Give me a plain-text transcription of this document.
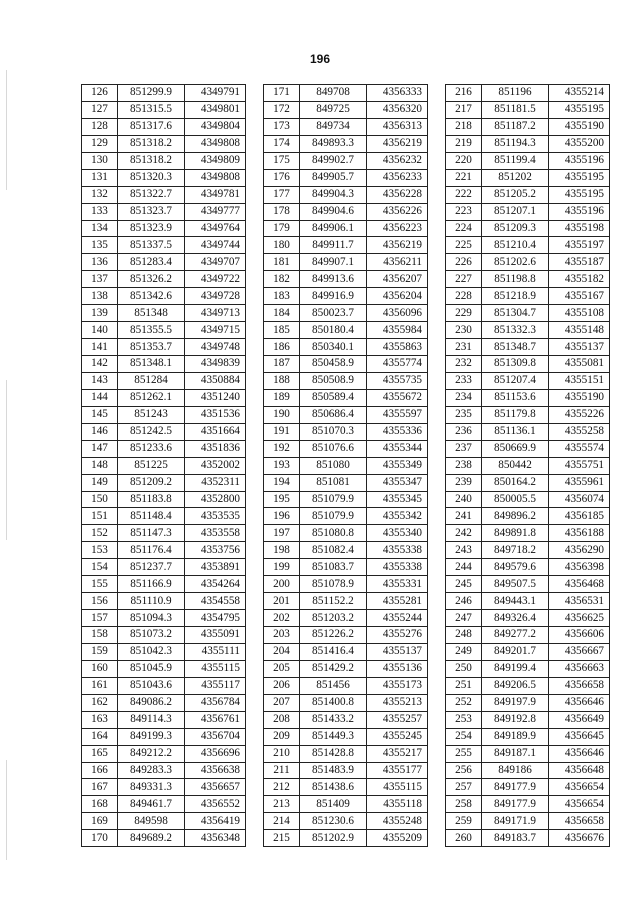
196
126	851299.9	4349791
127	851315.5	4349801
128	851317.6	4349804
129	851318.2	4349808
130	851318.2	4349809
131	851320.3	4349808
132	851322.7	4349781
133	851323.7	4349777
134	851323.9	4349764
135	851337.5	4349744
136	851283.4	4349707
137	851326.2	4349722
138	851342.6	4349728
139	851348	4349713
140	851355.5	4349715
141	851353.7	4349748
142	851348.1	4349839
143	851284	4350884
144	851262.1	4351240
145	851243	4351536
146	851242.5	4351664
147	851233.6	4351836
148	851225	4352002
149	851209.2	4352311
150	851183.8	4352800
151	851148.4	4353535
152	851147.3	4353558
153	851176.4	4353756
154	851237.7	4353891
155	851166.9	4354264
156	851110.9	4354558
157	851094.3	4354795
158	851073.2	4355091
159	851042.3	4355111
160	851045.9	4355115
161	851043.6	4355117
162	849086.2	4356784
163	849114.3	4356761
164	849199.3	4356704
165	849212.2	4356696
166	849283.3	4356638
167	849331.3	4356657
168	849461.7	4356552
169	849598	4356419
170	849689.2	4356348
171	849708	4356333
172	849725	4356320
173	849734	4356313
174	849893.3	4356219
175	849902.7	4356232
176	849905.7	4356233
177	849904.3	4356228
178	849904.6	4356226
179	849906.1	4356223
180	849911.7	4356219
181	849907.1	4356211
182	849913.6	4356207
183	849916.9	4356204
184	850023.7	4356096
185	850180.4	4355984
186	850340.1	4355863
187	850458.9	4355774
188	850508.9	4355735
189	850589.4	4355672
190	850686.4	4355597
191	851070.3	4355336
192	851076.6	4355344
193	851080	4355349
194	851081	4355347
195	851079.9	4355345
196	851079.9	4355342
197	851080.8	4355340
198	851082.4	4355338
199	851083.7	4355338
200	851078.9	4355331
201	851152.2	4355281
202	851203.2	4355244
203	851226.2	4355276
204	851416.4	4355137
205	851429.2	4355136
206	851456	4355173
207	851400.8	4355213
208	851433.2	4355257
209	851449.3	4355245
210	851428.8	4355217
211	851483.9	4355177
212	851438.6	4355115
213	851409	4355118
214	851230.6	4355248
215	851202.9	4355209
216	851196	4355214
217	851181.5	4355195
218	851187.2	4355190
219	851194.3	4355200
220	851199.4	4355196
221	851202	4355195
222	851205.2	4355195
223	851207.1	4355196
224	851209.3	4355198
225	851210.4	4355197
226	851202.6	4355187
227	851198.8	4355182
228	851218.9	4355167
229	851304.7	4355108
230	851332.3	4355148
231	851348.7	4355137
232	851309.8	4355081
233	851207.4	4355151
234	851153.6	4355190
235	851179.8	4355226
236	851136.1	4355258
237	850669.9	4355574
238	850442	4355751
239	850164.2	4355961
240	850005.5	4356074
241	849896.2	4356185
242	849891.8	4356188
243	849718.2	4356290
244	849579.6	4356398
245	849507.5	4356468
246	849443.1	4356531
247	849326.4	4356625
248	849277.2	4356606
249	849201.7	4356667
250	849199.4	4356663
251	849206.5	4356658
252	849197.9	4356646
253	849192.8	4356649
254	849189.9	4356645
255	849187.1	4356646
256	849186	4356648
257	849177.9	4356654
258	849177.9	4356654
259	849171.9	4356658
260	849183.7	4356676
